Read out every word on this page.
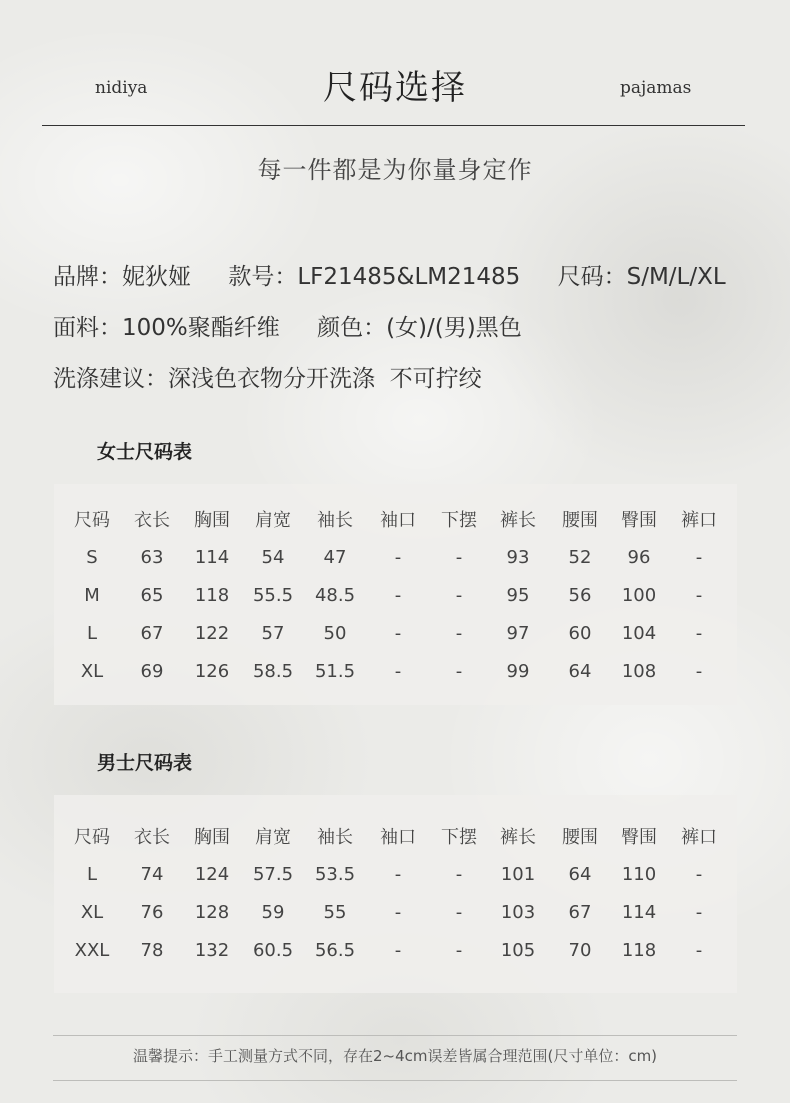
nidiya	尺码选择	pajamas
每一件都是为你量身定作
品牌：妮狄娅 款号：LF21485&LM21485 尺码：S/M/L/XL
面料：100%聚酯纤维 颜色：(女)/(男)黑色
洗涤建议：深浅色衣物分开洗涤  不可拧绞
女士尺码表
尺码	衣长	胸围	肩宽	袖长	袖口	下摆	裤长	腰围	臀围	裤口
S	63	114	54	47	-	-	93	52	96	-
M	65	118	55.5	48.5	-	-	95	56	100	-
L	67	122	57	50	-	-	97	60	104	-
XL	69	126	58.5	51.5	-	-	99	64	108	-
男士尺码表
尺码	衣长	胸围	肩宽	袖长	袖口	下摆	裤长	腰围	臀围	裤口
L	74	124	57.5	53.5	-	-	101	64	110	-
XL	76	128	59	55	-	-	103	67	114	-
XXL	78	132	60.5	56.5	-	-	105	70	118	-
温馨提示：手工测量方式不同，存在2~4cm误差皆属合理范围(尺寸单位：cm)
